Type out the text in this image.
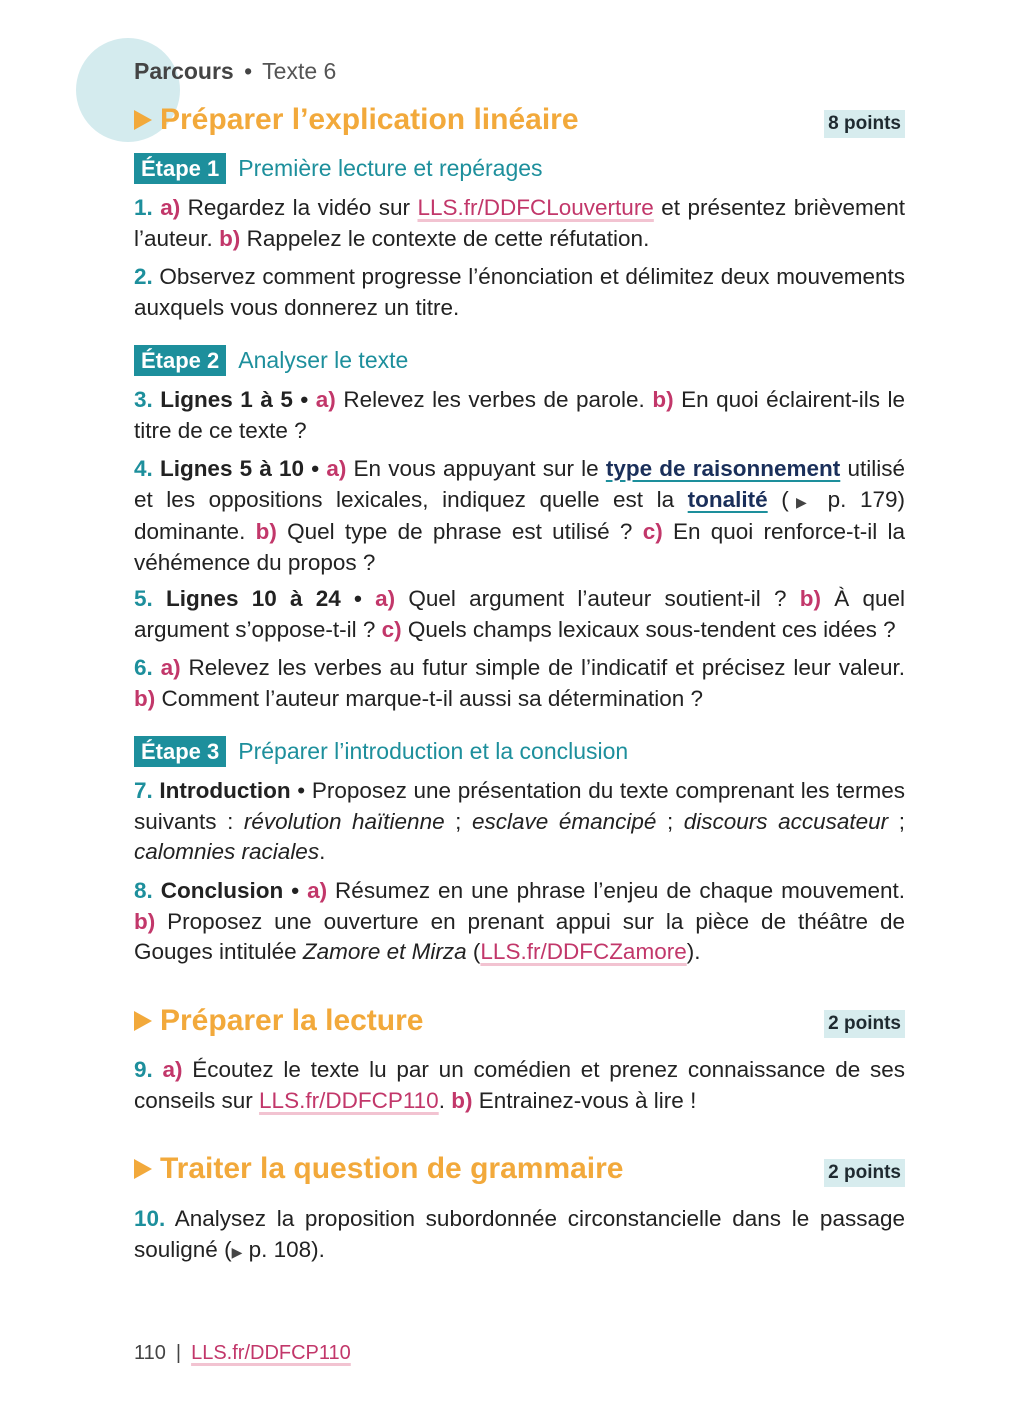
Parcours • Texte 6
Préparer l’explication linéaire	8 points
Étape 1 Première lecture et repérages
1. a) Regardez la vidéo sur LLS.fr/DDFCLouverture et présentez brièvement l’auteur. b) Rappelez le contexte de cette réfutation.
2. Observez comment progresse l’énonciation et délimitez deux mouvements auxquels vous donnerez un titre.
Étape 2 Analyser le texte
3. Lignes 1 à 5 • a) Relevez les verbes de parole. b) En quoi éclairent-ils le titre de ce texte ?
4. Lignes 5 à 10 • a) En vous appuyant sur le type de raisonnement utilisé et les oppositions lexicales, indiquez quelle est la tonalité (▶ p. 179) dominante. b) Quel type de phrase est utilisé ? c) En quoi renforce-t-il la véhémence du propos ?
5. Lignes 10 à 24 • a) Quel argument l’auteur soutient-il ? b) À quel argument s’oppose-t-il ? c) Quels champs lexicaux sous-tendent ces idées ?
6. a) Relevez les verbes au futur simple de l’indicatif et précisez leur valeur. b) Comment l’auteur marque-t-il aussi sa détermination ?
Étape 3 Préparer l’introduction et la conclusion
7. Introduction • Proposez une présentation du texte comprenant les termes suivants : révolution haïtienne ; esclave émancipé ; discours accusateur ; calomnies raciales.
8. Conclusion • a) Résumez en une phrase l’enjeu de chaque mouvement. b) Proposez une ouverture en prenant appui sur la pièce de théâtre de Gouges intitulée Zamore et Mirza (LLS.fr/DDFCZamore).
Préparer la lecture	2 points
9. a) Écoutez le texte lu par un comédien et prenez connaissance de ses conseils sur LLS.fr/DDFCP110. b) Entrainez-vous à lire !
Traiter la question de grammaire	2 points
10. Analysez la proposition subordonnée circonstancielle dans le passage souligné (▶ p. 108).
110 | LLS.fr/DDFCP110
